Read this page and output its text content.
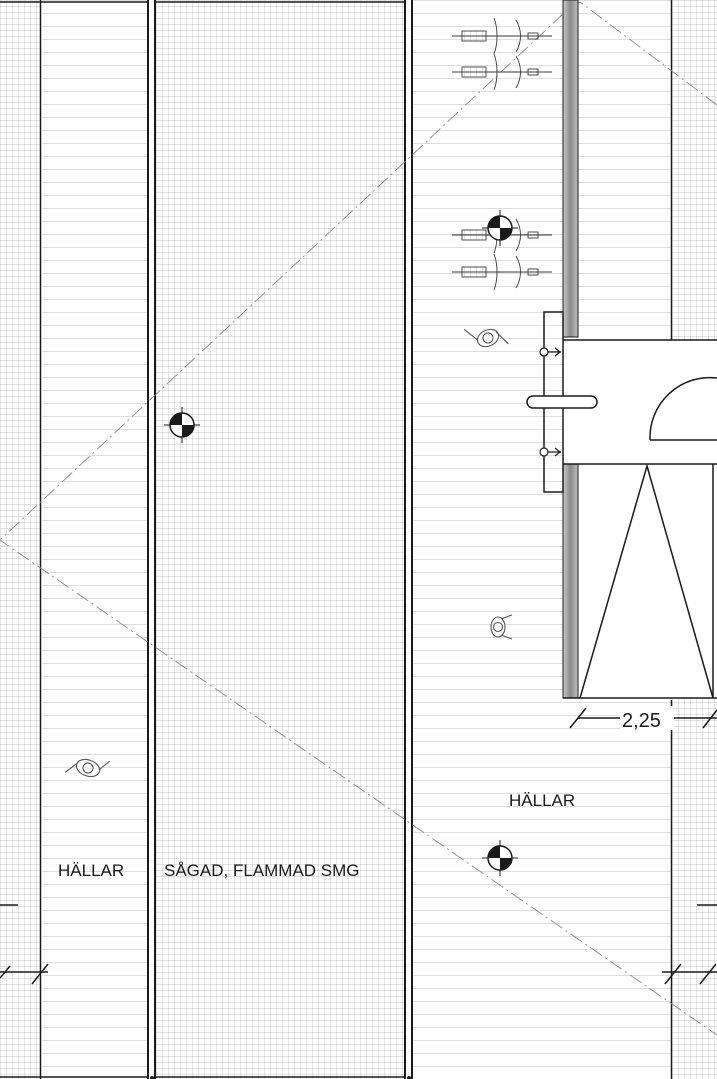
2,25
HÄLLAR SÅGAD, FLAMMAD SMG
HÄLLAR
